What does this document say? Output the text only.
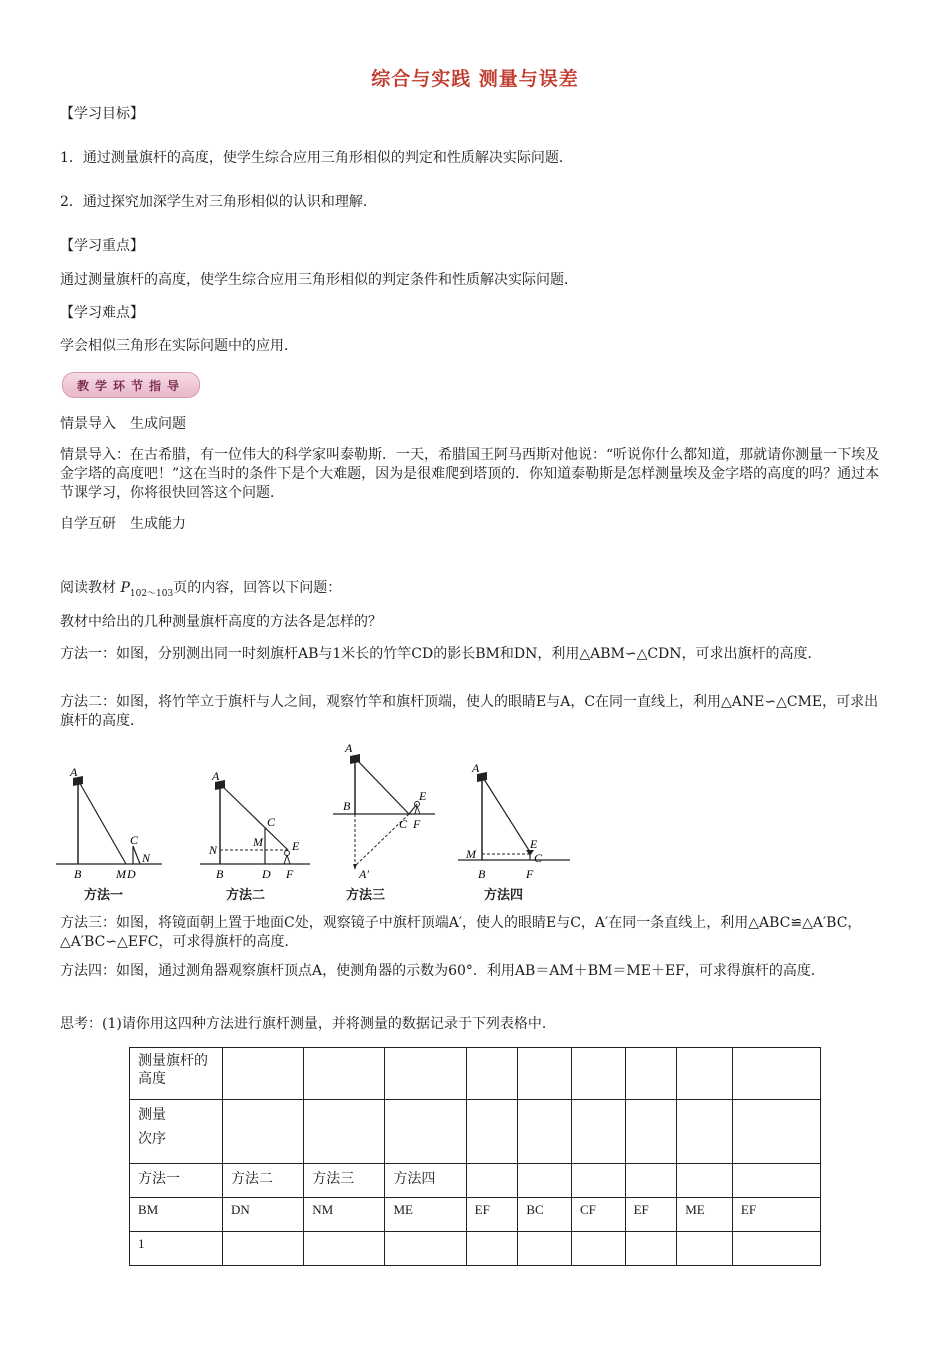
综合与实践 测量与误差
【学习目标】
1．通过测量旗杆的高度，使学生综合应用三角形相似的判定和性质解决实际问题．
2．通过探究加深学生对三角形相似的认识和理解．
【学习重点】
通过测量旗杆的高度，使学生综合应用三角形相似的判定条件和性质解决实际问题．
【学习难点】
学会相似三角形在实际问题中的应用．
教学环节指导
情景导入　生成问题
情景导入：在古希腊，有一位伟大的科学家叫泰勒斯．一天，希腊国王阿马西斯对他说：“听说你什么都知道，那就请你测量一下埃及金字塔的高度吧！”这在当时的条件下是个大难题，因为是很难爬到塔顶的．你知道泰勒斯是怎样测量埃及金字塔的高度的吗？通过本节课学习，你将很快回答这个问题．
自学互研　生成能力
阅读教材 $P_{102\sim 103}$页的内容，回答以下问题：
教材中给出的几种测量旗杆高度的方法各是怎样的？
方法一：如图，分别测出同一时刻旗杆AB与1米长的竹竿CD的影长BM和DN，利用△ABM∽△CDN，可求出旗杆的高度．
方法二：如图，将竹竿立于旗杆与人之间，观察竹竿和旗杆顶端，使人的眼睛E与A，C在同一直线上，利用△ANE∽△CME，可求出旗杆的高度．
A
B
C
N
M D
方法一
A
B
C
N
M
D
E
F
方法二
A
B
C
E
F
A′
方法三
A
B
M
E
C
F
方法四
方法三：如图，将镜面朝上置于地面C处，观察镜子中旗杆顶端A′，使人的眼睛E与C，A′在同一条直线上，利用△ABC≌△A′BC，△A′BC∽△EFC，可求得旗杆的高度．
方法四：如图，通过测角器观察旗杆顶点A，使测角器的示数为60°．利用AB＝AM＋BM＝ME＋EF，可求得旗杆的高度．
思考：(1)请你用这四种方法进行旗杆测量，并将测量的数据记录于下列表格中．
测量旗杆的高度									

测量
次序									

方法一	方法二	方法三	方法四						
BM	DN	NM	ME	EF	BC	CF	EF	ME	EF
1									
